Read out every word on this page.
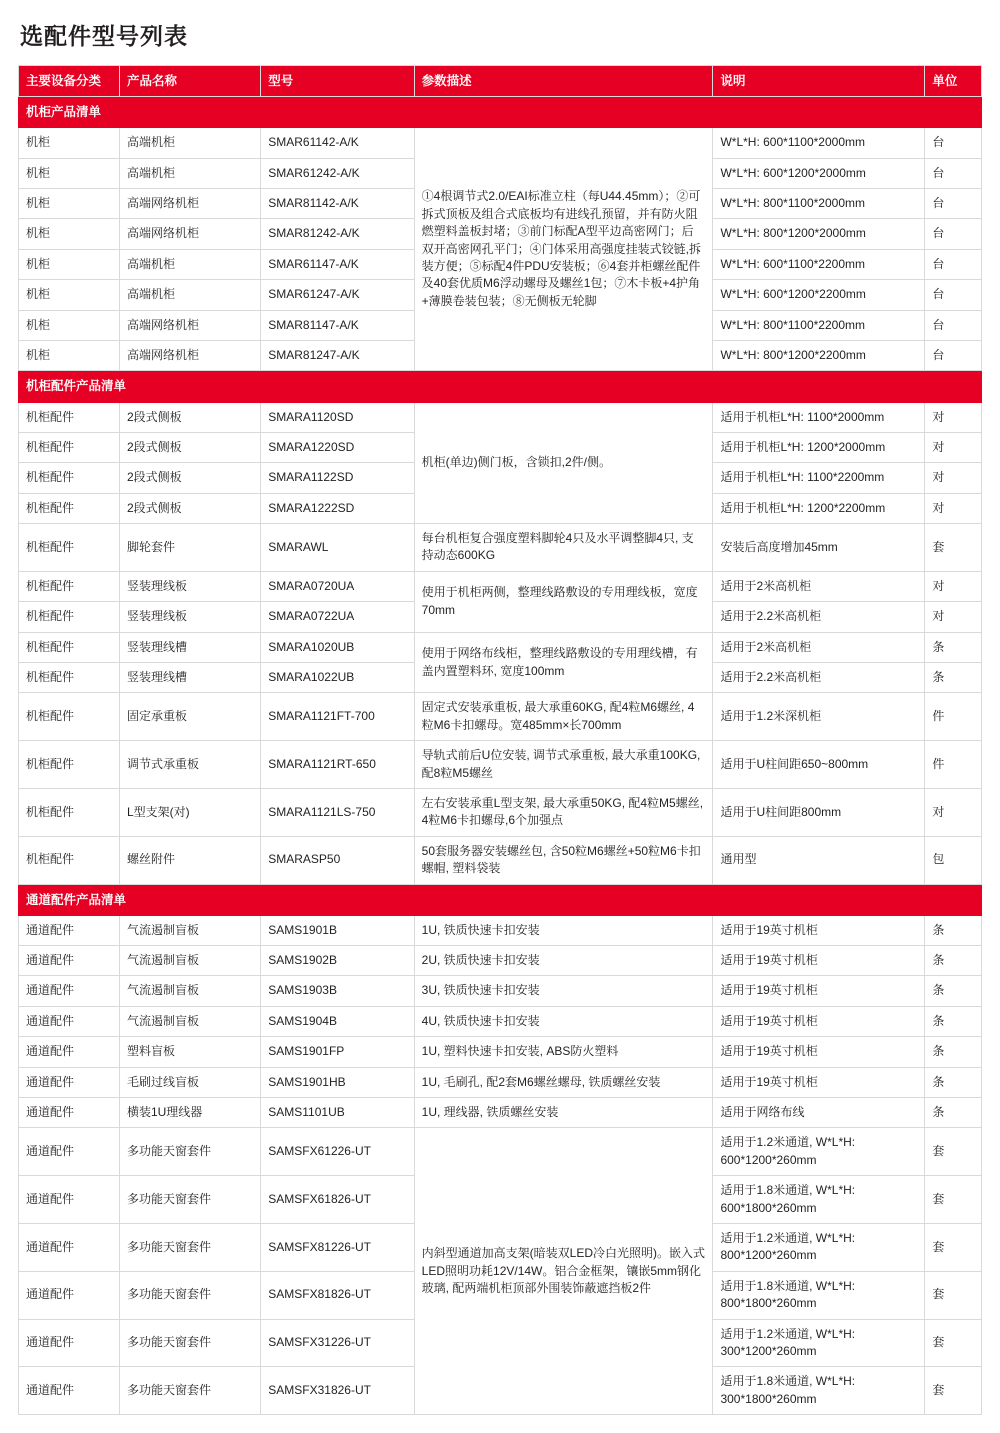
选配件型号列表
主要设备分类	产品名称	型号	参数描述	说明	单位
机柜产品清单					
机柜	高端机柜	SMAR61142-A/K	①4根调节式2.0/EAI标准立柱（每U44.45mm）；②可拆式顶板及组合式底板均有进线孔预留，并有防火阻燃塑料盖板封堵；③前门标配A型平边高密网门；后双开高密网孔平门；④门体采用高强度挂装式铰链,拆装方便；⑤标配4件PDU安装板；⑥4套并柜螺丝配件及40套优质M6浮动螺母及螺丝1包；⑦木卡板+4护角+薄膜卷装包装；⑧无侧板无轮脚	W*L*H: 600*1100*2000mm	台
机柜	高端机柜	SMAR61242-A/K		W*L*H: 600*1200*2000mm	台
机柜	高端网络机柜	SMAR81142-A/K		W*L*H: 800*1100*2000mm	台
机柜	高端网络机柜	SMAR81242-A/K		W*L*H: 800*1200*2000mm	台
机柜	高端机柜	SMAR61147-A/K		W*L*H: 600*1100*2200mm	台
机柜	高端机柜	SMAR61247-A/K		W*L*H: 600*1200*2200mm	台
机柜	高端网络机柜	SMAR81147-A/K		W*L*H: 800*1100*2200mm	台
机柜	高端网络机柜	SMAR81247-A/K		W*L*H: 800*1200*2200mm	台
机柜配件产品清单					
机柜配件	2段式侧板	SMARA1120SD	机柜(单边)侧门板，含锁扣,2件/侧。	适用于机柜L*H: 1100*2000mm	对
机柜配件	2段式侧板	SMARA1220SD		适用于机柜L*H: 1200*2000mm	对
机柜配件	2段式侧板	SMARA1122SD		适用于机柜L*H: 1100*2200mm	对
机柜配件	2段式侧板	SMARA1222SD		适用于机柜L*H: 1200*2200mm	对
机柜配件	脚轮套件	SMARAWL	每台机柜复合强度塑料脚轮4只及水平调整脚4只, 支持动态600KG	安装后高度增加45mm	套
机柜配件	竖装理线板	SMARA0720UA	使用于机柜两侧，整理线路敷设的专用理线板，宽度70mm	适用于2米高机柜	对
机柜配件	竖装理线板	SMARA0722UA		适用于2.2米高机柜	对
机柜配件	竖装理线槽	SMARA1020UB	使用于网络布线柜，整理线路敷设的专用理线槽，有盖内置塑料环, 宽度100mm	适用于2米高机柜	条
机柜配件	竖装理线槽	SMARA1022UB		适用于2.2米高机柜	条
机柜配件	固定承重板	SMARA1121FT-700	固定式安装承重板, 最大承重60KG, 配4粒M6螺丝, 4粒M6卡扣螺母。宽485mm×长700mm	适用于1.2米深机柜	件
机柜配件	调节式承重板	SMARA1121RT-650	导轨式前后U位安装, 调节式承重板, 最大承重100KG, 配8粒M5螺丝	适用于U柱间距650~800mm	件
机柜配件	L型支架(对)	SMARA1121LS-750	左右安装承重L型支架, 最大承重50KG, 配4粒M5螺丝, 4粒M6卡扣螺母,6个加强点	适用于U柱间距800mm	对
机柜配件	螺丝附件	SMARASP50	50套服务器安装螺丝包, 含50粒M6螺丝+50粒M6卡扣螺帽, 塑料袋装	通用型	包
通道配件产品清单					
通道配件	气流遏制盲板	SAMS1901B	1U, 铁质快速卡扣安装	适用于19英寸机柜	条
通道配件	气流遏制盲板	SAMS1902B	2U, 铁质快速卡扣安装	适用于19英寸机柜	条
通道配件	气流遏制盲板	SAMS1903B	3U, 铁质快速卡扣安装	适用于19英寸机柜	条
通道配件	气流遏制盲板	SAMS1904B	4U, 铁质快速卡扣安装	适用于19英寸机柜	条
通道配件	塑料盲板	SAMS1901FP	1U, 塑料快速卡扣安装, ABS防火塑料	适用于19英寸机柜	条
通道配件	毛刷过线盲板	SAMS1901HB	1U, 毛刷孔, 配2套M6螺丝螺母, 铁质螺丝安装	适用于19英寸机柜	条
通道配件	横装1U理线器	SAMS1101UB	1U, 理线器, 铁质螺丝安装	适用于网络布线	条
通道配件	多功能天窗套件	SAMSFX61226-UT	内斜型通道加高支架(暗装双LED冷白光照明)。嵌入式LED照明功耗12V/14W。铝合金框架，镶嵌5mm钢化玻璃, 配两端机柜顶部外围装饰蔽遮挡板2件	适用于1.2米通道, W*L*H: 600*1200*260mm	套
通道配件	多功能天窗套件	SAMSFX61826-UT		适用于1.8米通道, W*L*H: 600*1800*260mm	套
通道配件	多功能天窗套件	SAMSFX81226-UT		适用于1.2米通道, W*L*H: 800*1200*260mm	套
通道配件	多功能天窗套件	SAMSFX81826-UT		适用于1.8米通道, W*L*H: 800*1800*260mm	套
通道配件	多功能天窗套件	SAMSFX31226-UT		适用于1.2米通道, W*L*H: 300*1200*260mm	套
通道配件	多功能天窗套件	SAMSFX31826-UT		适用于1.8米通道, W*L*H: 300*1800*260mm	套
